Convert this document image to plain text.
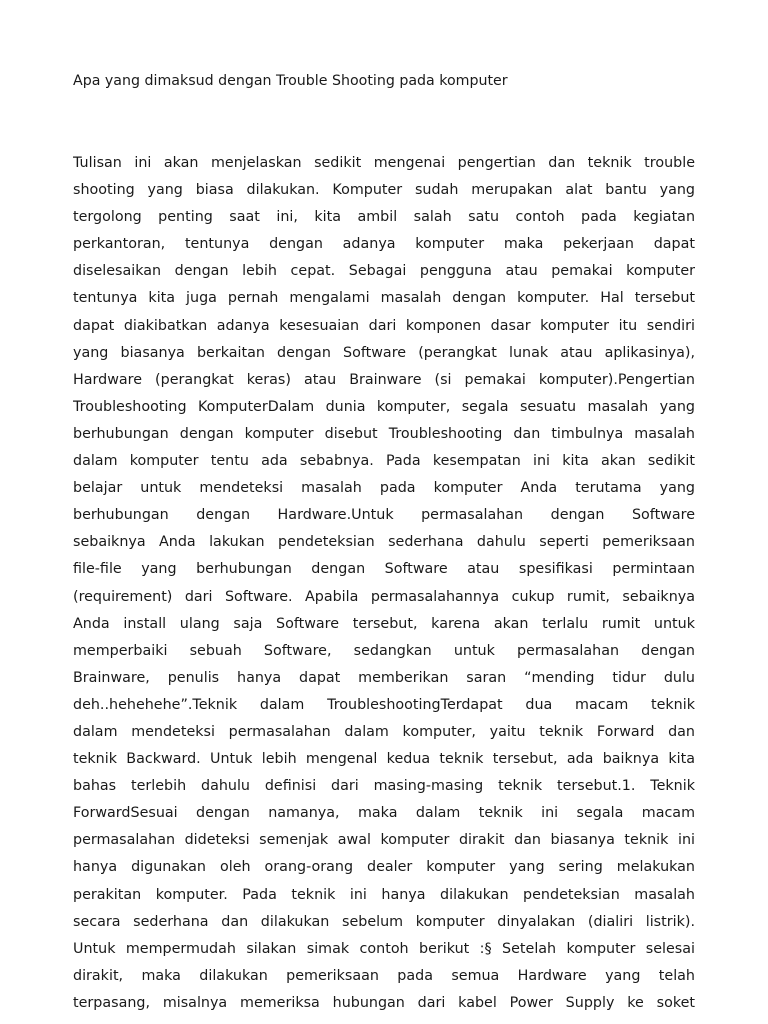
Apa yang dimaksud dengan Trouble Shooting pada komputer
Tulisan ini akan menjelaskan sedikit mengenai pengertian dan teknik trouble
shooting yang biasa dilakukan. Komputer sudah merupakan alat bantu yang
tergolong penting saat ini, kita ambil salah satu contoh pada kegiatan
perkantoran, tentunya dengan adanya komputer maka pekerjaan dapat
diselesaikan dengan lebih cepat. Sebagai pengguna atau pemakai komputer
tentunya kita juga pernah mengalami masalah dengan komputer. Hal tersebut
dapat diakibatkan adanya kesesuaian dari komponen dasar komputer itu sendiri
yang biasanya berkaitan dengan Software (perangkat lunak atau aplikasinya),
Hardware (perangkat keras) atau Brainware (si pemakai komputer).Pengertian
Troubleshooting KomputerDalam dunia komputer, segala sesuatu masalah yang
berhubungan dengan komputer disebut Troubleshooting dan timbulnya masalah
dalam komputer tentu ada sebabnya. Pada kesempatan ini kita akan sedikit
belajar untuk mendeteksi masalah pada komputer Anda terutama yang
berhubungan dengan Hardware.Untuk permasalahan dengan Software
sebaiknya Anda lakukan pendeteksian sederhana dahulu seperti pemeriksaan
file-file yang berhubungan dengan Software atau spesifikasi permintaan
(requirement) dari Software. Apabila permasalahannya cukup rumit, sebaiknya
Anda install ulang saja Software tersebut, karena akan terlalu rumit untuk
memperbaiki sebuah Software, sedangkan untuk permasalahan dengan
Brainware, penulis hanya dapat memberikan saran “mending tidur dulu
deh..hehehehe”.Teknik dalam TroubleshootingTerdapat dua macam teknik
dalam mendeteksi permasalahan dalam komputer, yaitu teknik Forward dan
teknik Backward. Untuk lebih mengenal kedua teknik tersebut, ada baiknya kita
bahas terlebih dahulu definisi dari masing-masing teknik tersebut.1. Teknik
ForwardSesuai dengan namanya, maka dalam teknik ini segala macam
permasalahan dideteksi semenjak awal komputer dirakit dan biasanya teknik ini
hanya digunakan oleh orang-orang dealer komputer yang sering melakukan
perakitan komputer. Pada teknik ini hanya dilakukan pendeteksian masalah
secara sederhana dan dilakukan sebelum komputer dinyalakan (dialiri listrik).
Untuk mempermudah silakan simak contoh berikut :§ Setelah komputer selesai
dirakit, maka dilakukan pemeriksaan pada semua Hardware yang telah
terpasang, misalnya memeriksa hubungan dari kabel Power Supply ke soket
